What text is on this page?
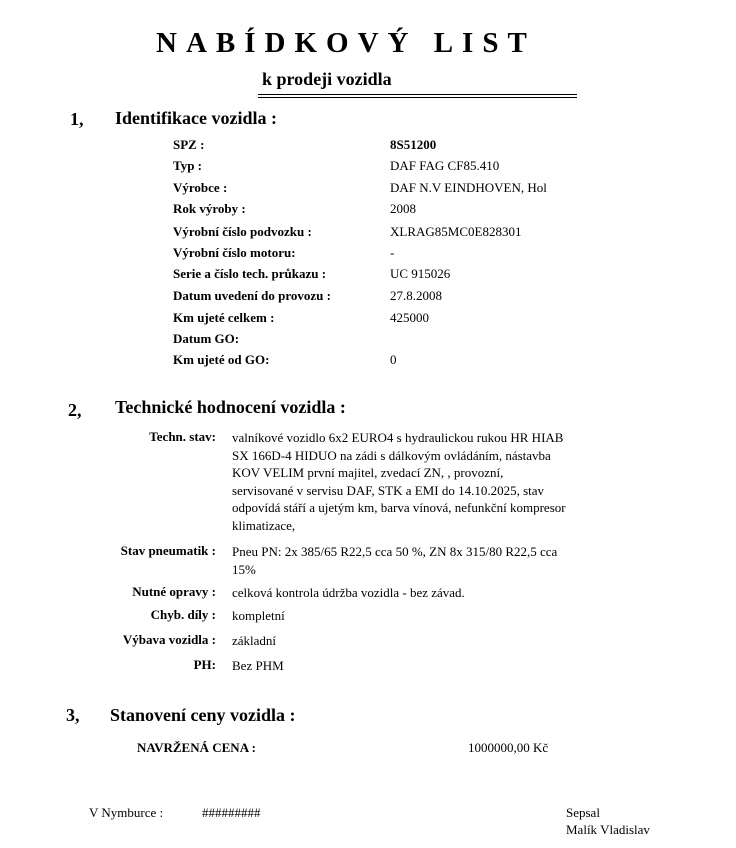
NABÍDKOVÝ LIST
k prodeji vozidla
1, Identifikace vozidla :
SPZ :	8S51200
Typ :	DAF FAG CF85.410
Výrobce :	DAF N.V EINDHOVEN, Hol
Rok výroby :	2008
Výrobní číslo podvozku :	XLRAG85MC0E828301
Výrobní číslo motoru:	-
Serie a číslo tech. průkazu :	UC 915026
Datum uvedení do provozu :	27.8.2008
Km ujeté celkem :	425000
Datum GO:
Km ujeté od GO:	0
2, Technické hodnocení vozidla :
Techn. stav: valníkové vozidlo 6x2 EURO4 s hydraulickou rukou HR HIAB
SX 166D-4 HIDUO na zádi s dálkovým ovládáním, nástavba
KOV VELIM první majitel, zvedací ZN, , provozní,
servisované v servisu DAF, STK a EMI do 14.10.2025, stav
odpovídá stáří a ujetým km, barva vínová, nefunkční kompresor
klimatizace,
Stav pneumatik : Pneu PN: 2x 385/65 R22,5 cca 50 %, ZN 8x 315/80 R22,5 cca
15%
Nutné opravy : celková kontrola údržba vozidla - bez závad.
Chyb. díly : kompletní
Výbava vozidla : základní
PH: Bez PHM
3, Stanovení ceny vozidla :
NAVRŽENÁ CENA :	1000000,00 Kč
V Nymburce :	#########	Sepsal
Malík Vladislav
